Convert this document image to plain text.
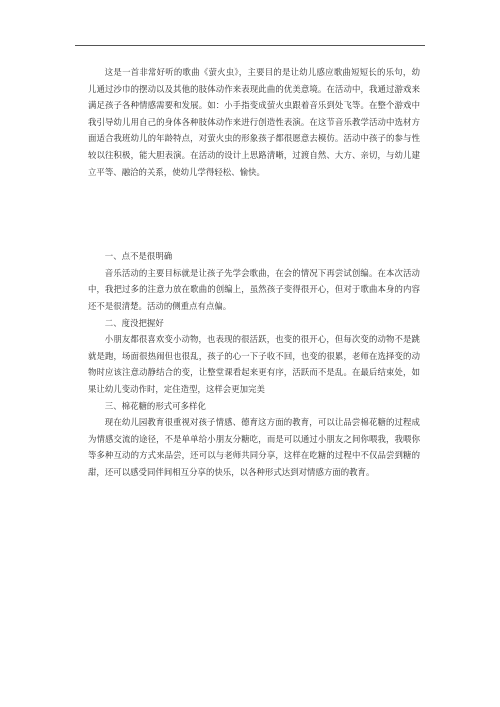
这是一首非常好听的歌曲《萤火虫》，主要目的是让幼儿感应歌曲短短长的乐句，幼儿通过沙巾的摆动以及其他的肢体动作来表现此曲的优美意境。在活动中，我通过游戏来满足孩子各种情感需要和发展。如：小手指变成萤火虫跟着音乐到处飞等。在整个游戏中我引导幼儿用自己的身体各种肢体动作来进行创造性表演。在这节音乐教学活动中选材方面适合我班幼儿的年龄特点，对萤火虫的形象孩子都很愿意去模仿。活动中孩子的参与性较以往积极，能大胆表演。在活动的设计上思路清晰，过渡自然、大方、亲切，与幼儿建立平等、融洽的关系，使幼儿学得轻松、愉快。

一、点不是很明确

音乐活动的主要目标就是让孩子先学会歌曲，在会的情况下再尝试创编。在本次活动中，我把过多的注意力放在歌曲的创编上，虽然孩子变得很开心，但对于歌曲本身的内容还不是很清楚。活动的侧重点有点偏。

二、度没把握好

小朋友都很喜欢变小动物，也表现的很活跃，也变的很开心，但每次变的动物不是跳就是跑，场面很热闹但也很乱，孩子的心一下子收不回，也变的很累，老师在选择变的动物时应该注意动静结合的变，让整堂课看起来更有序，活跃而不是乱。在最后结束处，如果让幼儿变动作时，定住造型，这样会更加完美

三、棉花糖的形式可多样化

现在幼儿园教育很重视对孩子情感、德育这方面的教育，可以让品尝棉花糖的过程成为情感交流的途径，不是单单给小朋友分糖吃，而是可以通过小朋友之间你喂我，我喂你等多种互动的方式来品尝，还可以与老师共同分享，这样在吃糖的过程中不仅品尝到糖的甜，还可以感受同伴间相互分享的快乐，以各种形式达到对情感方面的教育。
